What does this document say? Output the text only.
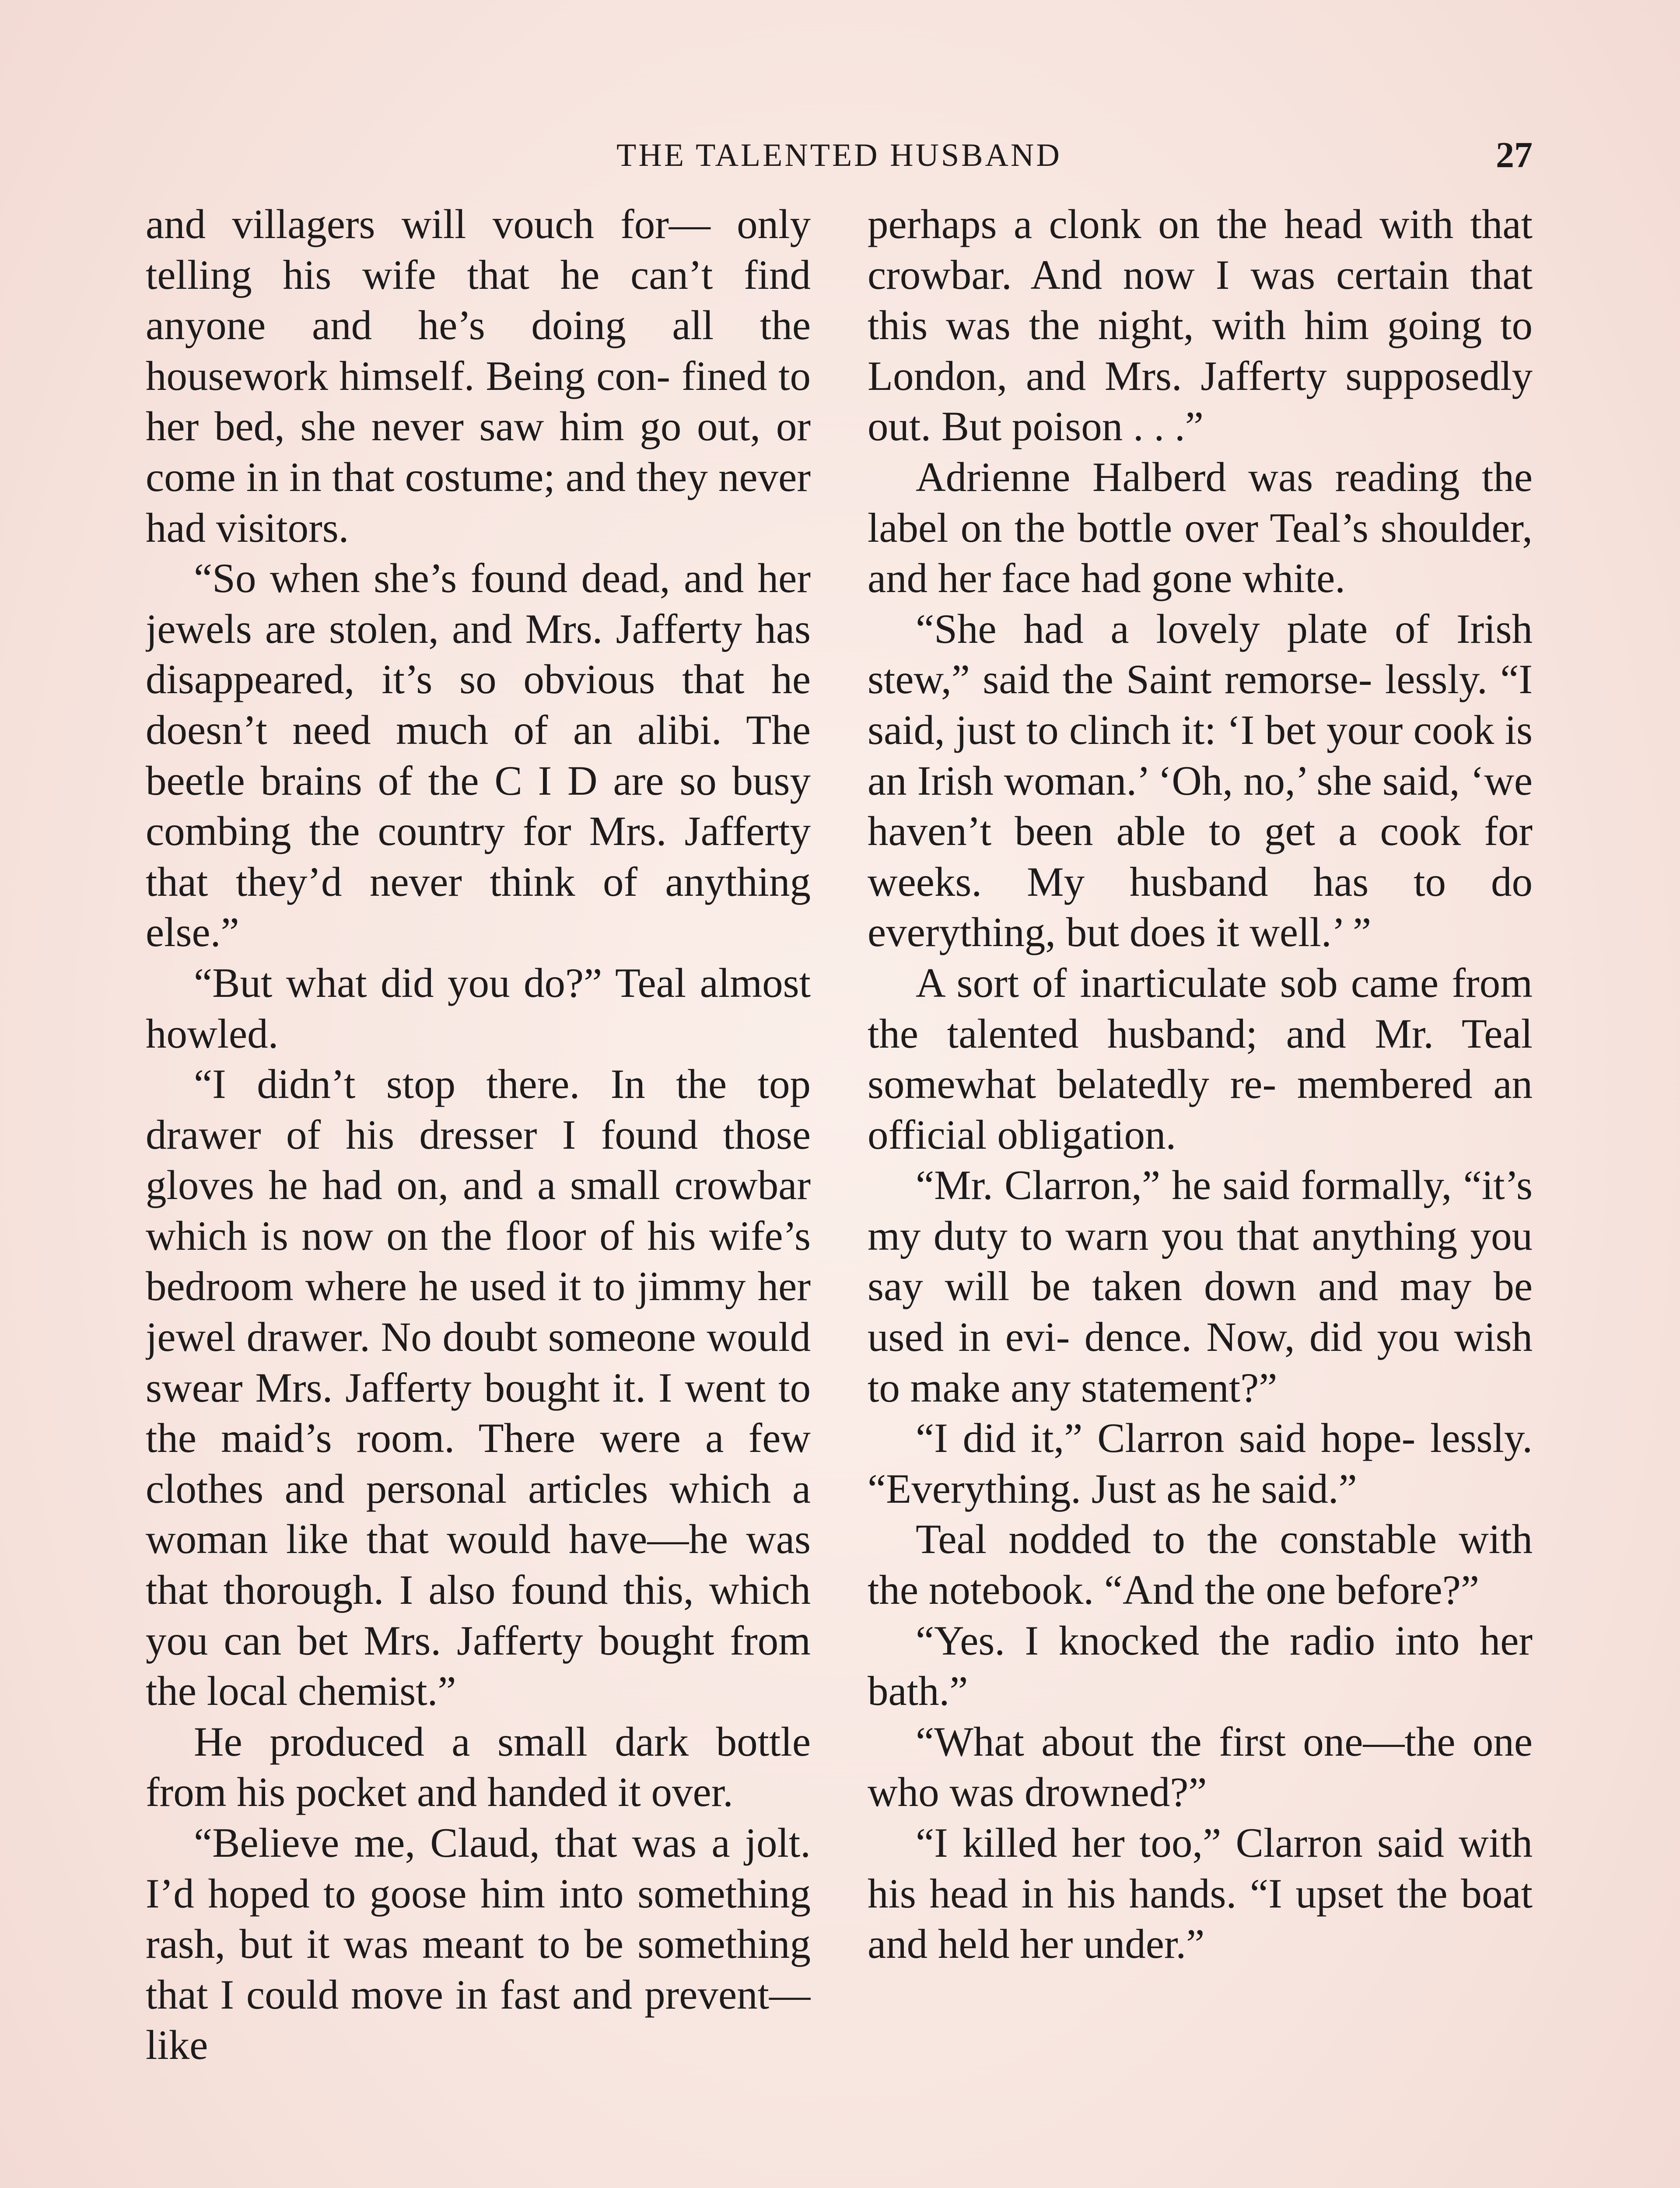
THE TALENTED HUSBAND	27

and villagers will vouch for— only telling his wife that he can’t find anyone and he’s doing all the housework himself. Being con- fined to her bed, she never saw him go out, or come in in that costume; and they never had visitors.

“So when she’s found dead, and her jewels are stolen, and Mrs. Jafferty has disappeared, it’s so obvious that he doesn’t need much of an alibi. The beetle brains of the C I D are so busy combing the country for Mrs. Jafferty that they’d never think of anything else.”

“But what did you do?” Teal almost howled.

“I didn’t stop there. In the top drawer of his dresser I found those gloves he had on, and a small crowbar which is now on the floor of his wife’s bedroom where he used it to jimmy her jewel drawer. No doubt someone would swear Mrs. Jafferty bought it. I went to the maid’s room. There were a few clothes and personal articles which a woman like that would have—he was that thorough. I also found this, which you can bet Mrs. Jafferty bought from the local chemist.”

He produced a small dark bottle from his pocket and handed it over.

“Believe me, Claud, that was a jolt. I’d hoped to goose him into something rash, but it was meant to be something that I could move in fast and prevent—like

perhaps a clonk on the head with that crowbar. And now I was certain that this was the night, with him going to London, and Mrs. Jafferty supposedly out. But poison . . .”

Adrienne Halberd was reading the label on the bottle over Teal’s shoulder, and her face had gone white.

“She had a lovely plate of Irish stew,” said the Saint remorse- lessly. “I said, just to clinch it: ‘I bet your cook is an Irish woman.’ ‘Oh, no,’ she said, ‘we haven’t been able to get a cook for weeks. My husband has to do everything, but does it well.’ ”

A sort of inarticulate sob came from the talented husband; and Mr. Teal somewhat belatedly re- membered an official obligation.

“Mr. Clarron,” he said formally, “it’s my duty to warn you that anything you say will be taken down and may be used in evi- dence. Now, did you wish to make any statement?”

“I did it,” Clarron said hope- lessly. “Everything. Just as he said.”

Teal nodded to the constable with the notebook. “And the one before?”

“Yes. I knocked the radio into her bath.”

“What about the first one—the one who was drowned?”

“I killed her too,” Clarron said with his head in his hands. “I upset the boat and held her under.”
